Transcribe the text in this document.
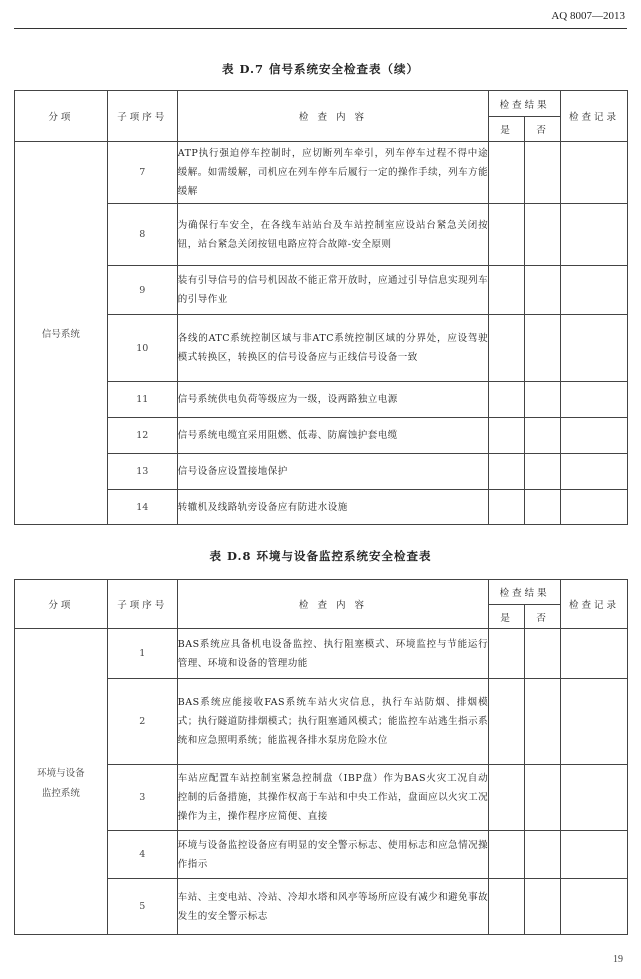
AQ 8007—2013
表 D.7 信号系统安全检查表（续）
分项	子项序号	检 查 内 容	检查结果		检查记录
			是	否	
信号系统	7	ATP执行强迫停车控制时，应切断列车牵引，列车停车过程不得中途缓解。如需缓解，司机应在列车停车后履行一定的操作手续，列车方能缓解			
	8	为确保行车安全，在各线车站站台及车站控制室应设站台紧急关闭按钮，站台紧急关闭按钮电路应符合故障-安全原则			
	9	装有引导信号的信号机因故不能正常开放时，应通过引导信息实现列车的引导作业			
	10	各线的ATC系统控制区域与非ATC系统控制区域的分界处，应设驾驶模式转换区，转换区的信号设备应与正线信号设备一致			
	11	信号系统供电负荷等级应为一级，设两路独立电源			
	12	信号系统电缆宜采用阻燃、低毒、防腐蚀护套电缆			
	13	信号设备应设置接地保护			
	14	转辙机及线路轨旁设备应有防进水设施			
表 D.8 环境与设备监控系统安全检查表
分项	子项序号	检 查 内 容	检查结果		检查记录
			是	否	

环境与设备
监控系统	1	BAS系统应具备机电设备监控、执行阻塞模式、环境监控与节能运行管理、环境和设备的管理功能			
	2	BAS系统应能接收FAS系统车站火灾信息，执行车站防烟、排烟模式；执行隧道防排烟模式；执行阻塞通风模式；能监控车站逃生指示系统和应急照明系统；能监视各排水泵房危险水位			
	3	车站应配置车站控制室紧急控制盘（IBP盘）作为BAS火灾工况自动控制的后备措施，其操作权高于车站和中央工作站，盘面应以火灾工况操作为主，操作程序应简便、直接			
	4	环境与设备监控设备应有明显的安全警示标志、使用标志和应急情况操作指示			
	5	车站、主变电站、冷站、冷却水塔和风亭等场所应设有减少和避免事故发生的安全警示标志			
19
